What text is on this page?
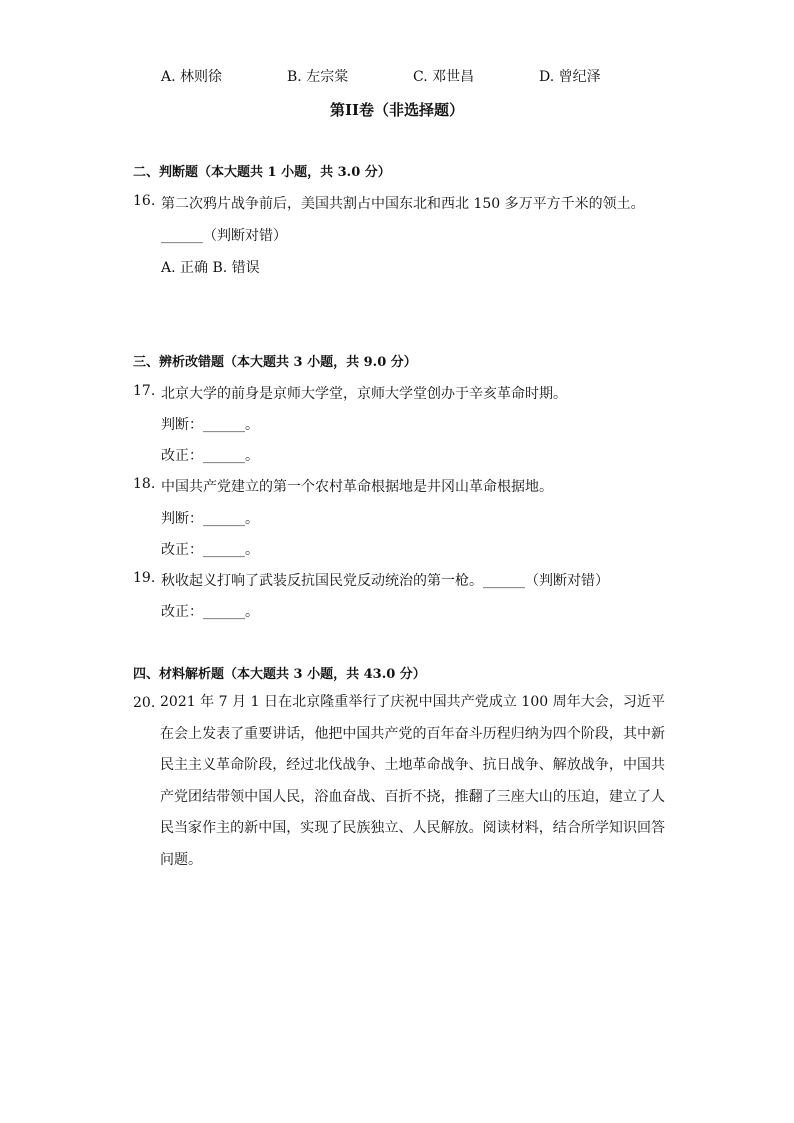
A. 林则徐	B. 左宗棠	C. 邓世昌	D. 曾纪泽
第II卷（非选择题）
二、判断题（本大题共 1 小题，共 3.0 分）
16. 第二次鸦片战争前后，美国共割占中国东北和西北 150 多万平方千米的领土。
______（判断对错）
A. 正确 B. 错误
三、辨析改错题（本大题共 3 小题，共 9.0 分）
17. 北京大学的前身是京师大学堂，京师大学堂创办于辛亥革命时期。
判断：______。
改正：______。
18. 中国共产党建立的第一个农村革命根据地是井冈山革命根据地。
判断：______。
改正：______。
19. 秋收起义打响了武装反抗国民党反动统治的第一枪。______（判断对错）
改正：______。
四、材料解析题（本大题共 3 小题，共 43.0 分）
20. 2021 年 7 月 1 日在北京隆重举行了庆祝中国共产党成立 100 周年大会，习近平在会上发表了重要讲话，他把中国共产党的百年奋斗历程归纳为四个阶段，其中新民主主义革命阶段，经过北伐战争、土地革命战争、抗日战争、解放战争，中国共产党团结带领中国人民，浴血奋战、百折不挠，推翻了三座大山的压迫，建立了人民当家作主的新中国，实现了民族独立、人民解放。阅读材料，结合所学知识回答问题。
